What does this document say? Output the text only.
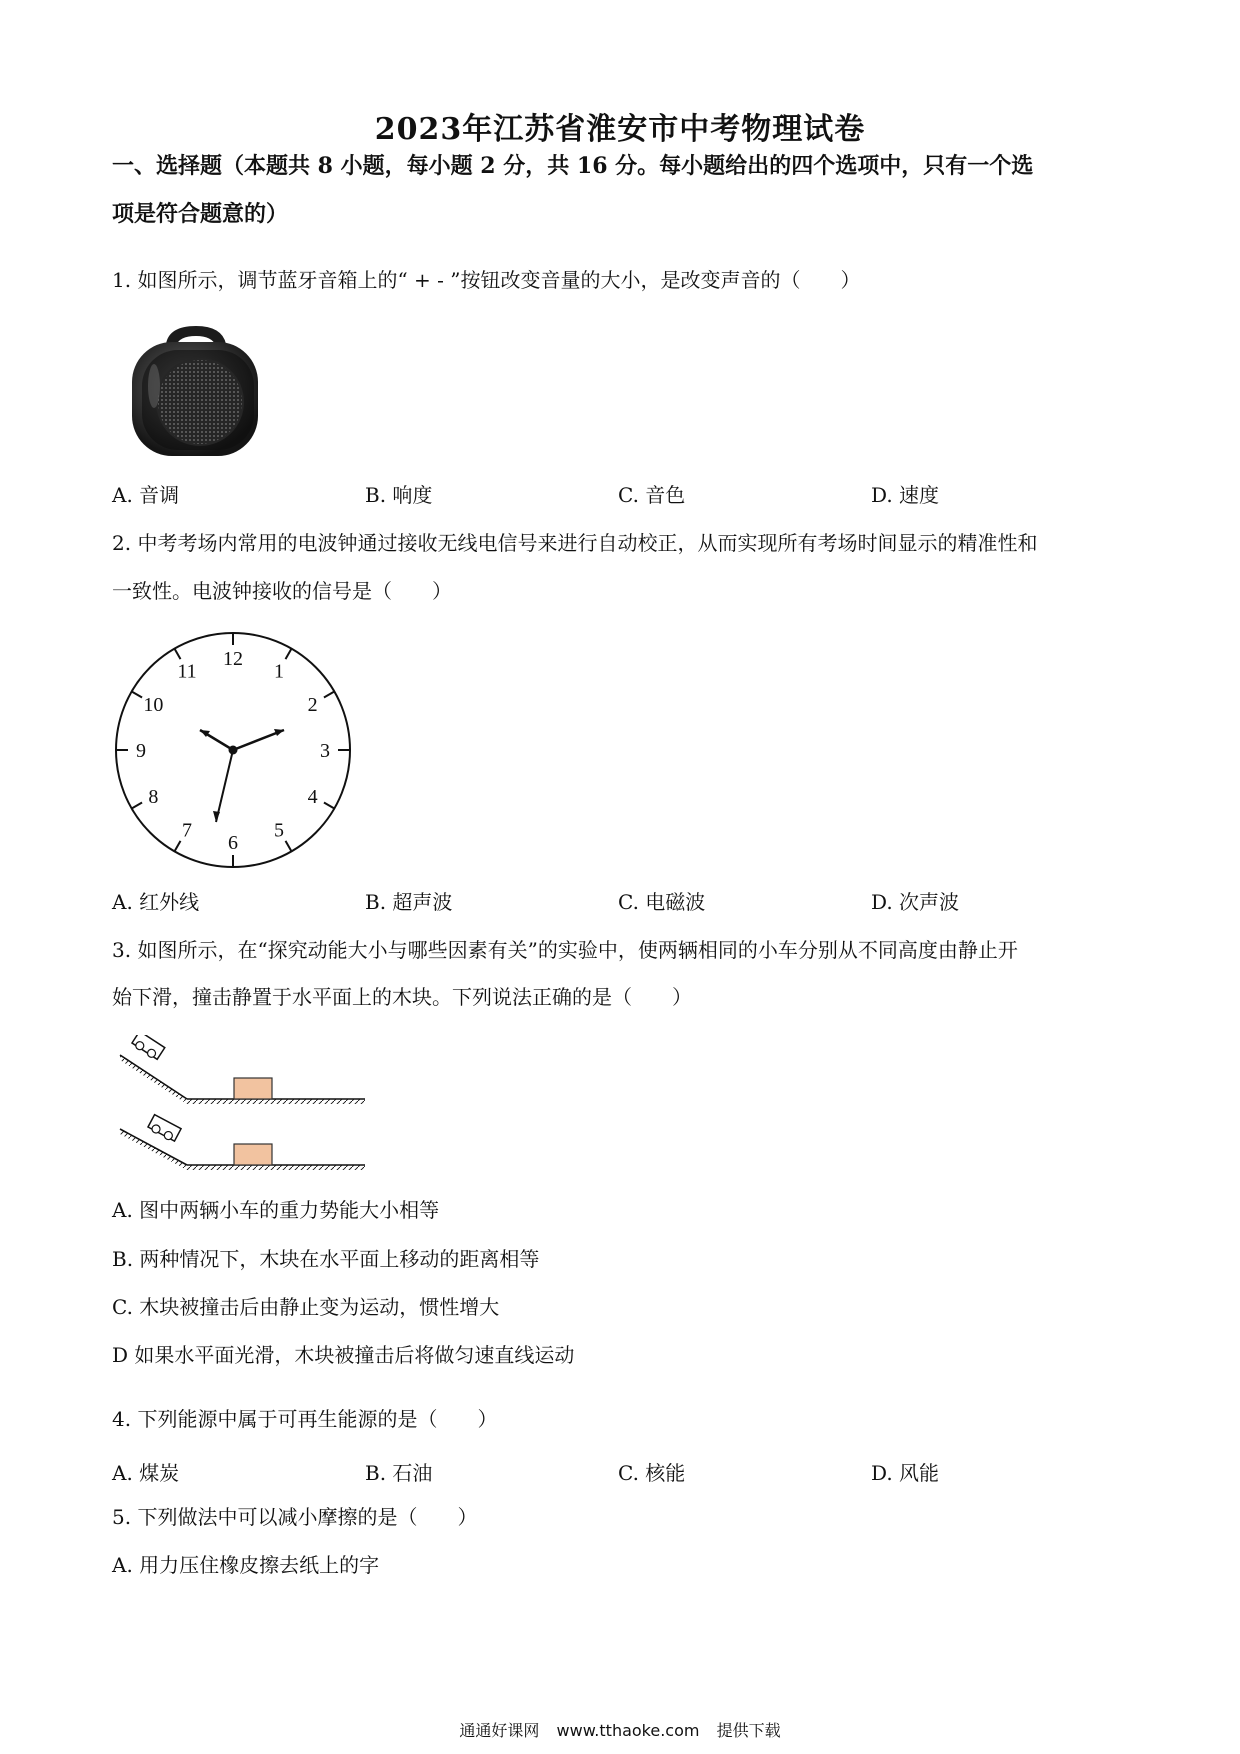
2023年江苏省淮安市中考物理试卷
一、选择题（本题共 8 小题，每小题 2 分，共 16 分。每小题给出的四个选项中，只有一个选
项是符合题意的）
1. 如图所示，调节蓝牙音箱上的“ + - ”按钮改变音量的大小，是改变声音的（　　）
A. 音调	B. 响度	C. 音色	D. 速度
2. 中考考场内常用的电波钟通过接收无线电信号来进行自动校正，从而实现所有考场时间显示的精准性和
一致性。电波钟接收的信号是（　　）
12
1
2
3
4
5
6
7
8
9
10
11
A. 红外线	B. 超声波	C. 电磁波	D. 次声波
3. 如图所示，在“探究动能大小与哪些因素有关”的实验中，使两辆相同的小车分别从不同高度由静止开
始下滑，撞击静置于水平面上的木块。下列说法正确的是（　　）
A. 图中两辆小车的重力势能大小相等
B. 两种情况下，木块在水平面上移动的距离相等
C. 木块被撞击后由静止变为运动，惯性增大
D 如果水平面光滑，木块被撞击后将做匀速直线运动
4. 下列能源中属于可再生能源的是（　　）
A. 煤炭	B. 石油	C. 核能	D. 风能
5. 下列做法中可以减小摩擦的是（　　）
A. 用力压住橡皮擦去纸上的字
通通好课网 www.tthaoke.com 提供下载
